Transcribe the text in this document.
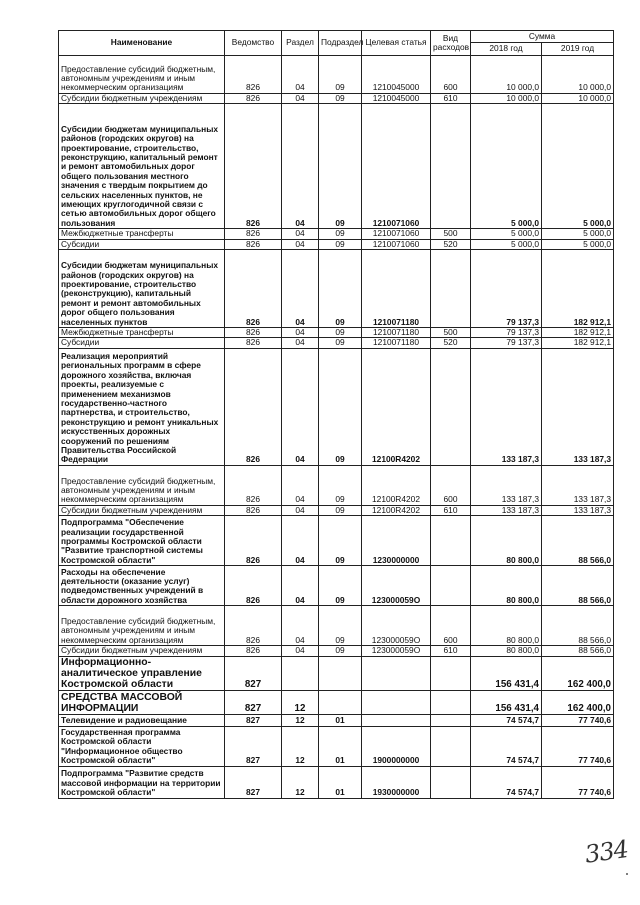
Наименование	Ведомство	Раздел	Подраздел	Целевая статья	Вид расходов	Сумма	
						2018 год	2019 год
Предоставление субсидий бюджетным, автономным учреждениям и иным некоммерческим организациям	826	04	09	1210045000	600	10 000,0	10 000,0
Субсидии бюджетным учреждениям	826	04	09	1210045000	610	10 000,0	10 000,0
Субсидии бюджетам муниципальных районов (городских округов) на проектирование, строительство, реконструкцию, капитальный ремонт и ремонт автомобильных дорог общего пользования местного значения с твердым покрытием до сельских населенных пунктов, не имеющих круглогодичной связи с сетью автомобильных дорог общего пользования	826	04	09	1210071060		5 000,0	5 000,0
Межбюджетные трансферты	826	04	09	1210071060	500	5 000,0	5 000,0
Субсидии	826	04	09	1210071060	520	5 000,0	5 000,0
Субсидии бюджетам муниципальных районов (городских округов) на проектирование, строительство (реконструкцию), капитальный ремонт и ремонт автомобильных дорог общего пользования населенных пунктов	826	04	09	1210071180		79 137,3	182 912,1
Межбюджетные трансферты	826	04	09	1210071180	500	79 137,3	182 912,1
Субсидии	826	04	09	1210071180	520	79 137,3	182 912,1
Реализация мероприятий региональных программ в сфере дорожного хозяйства, включая проекты, реализуемые с применением механизмов государственно-частного партнерства, и строительство, реконструкцию и ремонт уникальных искусственных дорожных сооружений по решениям Правительства Российской Федерации	826	04	09	12100R4202		133 187,3	133 187,3
Предоставление субсидий бюджетным, автономным учреждениям и иным некоммерческим организациям	826	04	09	12100R4202	600	133 187,3	133 187,3
Субсидии бюджетным учреждениям	826	04	09	12100R4202	610	133 187,3	133 187,3
Подпрограмма "Обеспечение реализации государственной программы Костромской области "Развитие транспортной системы Костромской области"	826	04	09	1230000000		80 800,0	88 566,0
Расходы на обеспечение деятельности (оказание услуг) подведомственных учреждений в области дорожного хозяйства	826	04	09	123000059O		80 800,0	88 566,0
Предоставление субсидий бюджетным, автономным учреждениям и иным некоммерческим организациям	826	04	09	123000059O	600	80 800,0	88 566,0
Субсидии бюджетным учреждениям	826	04	09	123000059O	610	80 800,0	88 566,0
Информационно-аналитическое управление Костромской области	827					156 431,4	162 400,0
СРЕДСТВА МАССОВОЙ ИНФОРМАЦИИ	827	12				156 431,4	162 400,0
Телевидение и радиовещание	827	12	01			74 574,7	77 740,6
Государственная программа Костромской области "Информационное общество Костромской области"	827	12	01	1900000000		74 574,7	77 740,6
Подпрограмма "Развитие средств массовой информации на территории Костромской области"	827	12	01	1930000000		74 574,7	77 740,6
334
